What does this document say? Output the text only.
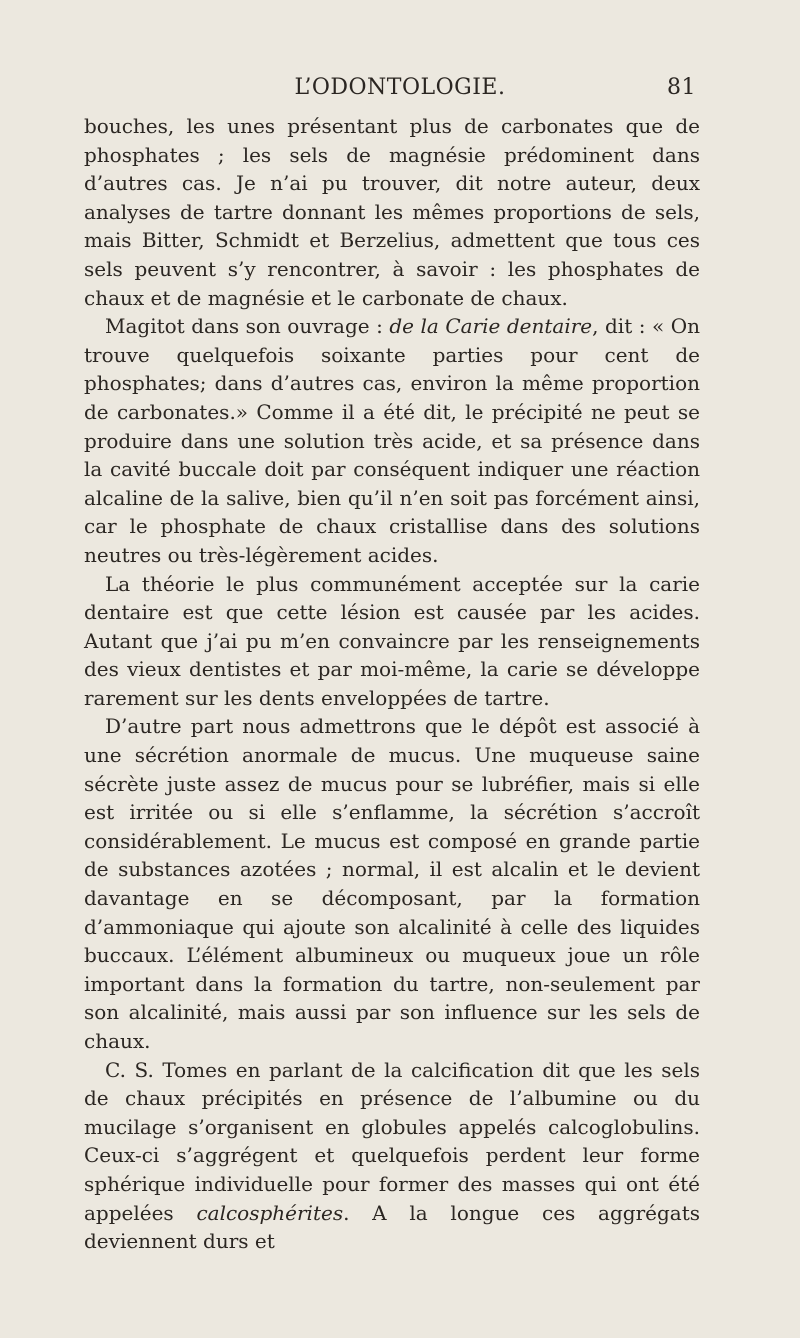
L’ODONTOLOGIE.	81

bouches, les unes présentant plus de carbonates que de phosphates ; les sels de magnésie prédominent dans d’autres cas. Je n’ai pu trouver, dit notre auteur, deux analyses de tartre donnant les mêmes proportions de sels, mais Bitter, Schmidt et Berzelius, admettent que tous ces sels peuvent s’y rencontrer, à savoir : les phosphates de chaux et de magnésie et le carbonate de chaux.

Magitot dans son ouvrage : de la Carie dentaire, dit : « On trouve quelquefois soixante parties pour cent de phosphates; dans d’autres cas, environ la même proportion de carbonates.» Comme il a été dit, le précipité ne peut se produire dans une solution très acide, et sa présence dans la cavité buccale doit par conséquent indiquer une réaction alcaline de la salive, bien qu’il n’en soit pas forcément ainsi, car le phosphate de chaux cristallise dans des solutions neutres ou très-légèrement acides.

La théorie le plus communément acceptée sur la carie dentaire est que cette lésion est causée par les acides. Autant que j’ai pu m’en convaincre par les renseignements des vieux dentistes et par moi-même, la carie se développe rarement sur les dents enveloppées de tartre.

D’autre part nous admettrons que le dépôt est associé à une sécrétion anormale de mucus. Une muqueuse saine sécrète juste assez de mucus pour se lubréfier, mais si elle est irritée ou si elle s’enflamme, la sécrétion s’accroît considérablement. Le mucus est composé en grande partie de substances azotées ; normal, il est alcalin et le devient davantage en se décomposant, par la formation d’ammoniaque qui ajoute son alcalinité à celle des liquides buccaux. L’élément albumineux ou muqueux joue un rôle important dans la formation du tartre, non-seulement par son alcalinité, mais aussi par son influence sur les sels de chaux.

C. S. Tomes en parlant de la calcification dit que les sels de chaux précipités en présence de l’albumine ou du mucilage s’organisent en globules appelés calcoglobulins. Ceux-ci s’aggrégent et quelquefois perdent leur forme sphérique individuelle pour former des masses qui ont été appelées calcosphérites. A la longue ces aggrégats deviennent durs et
